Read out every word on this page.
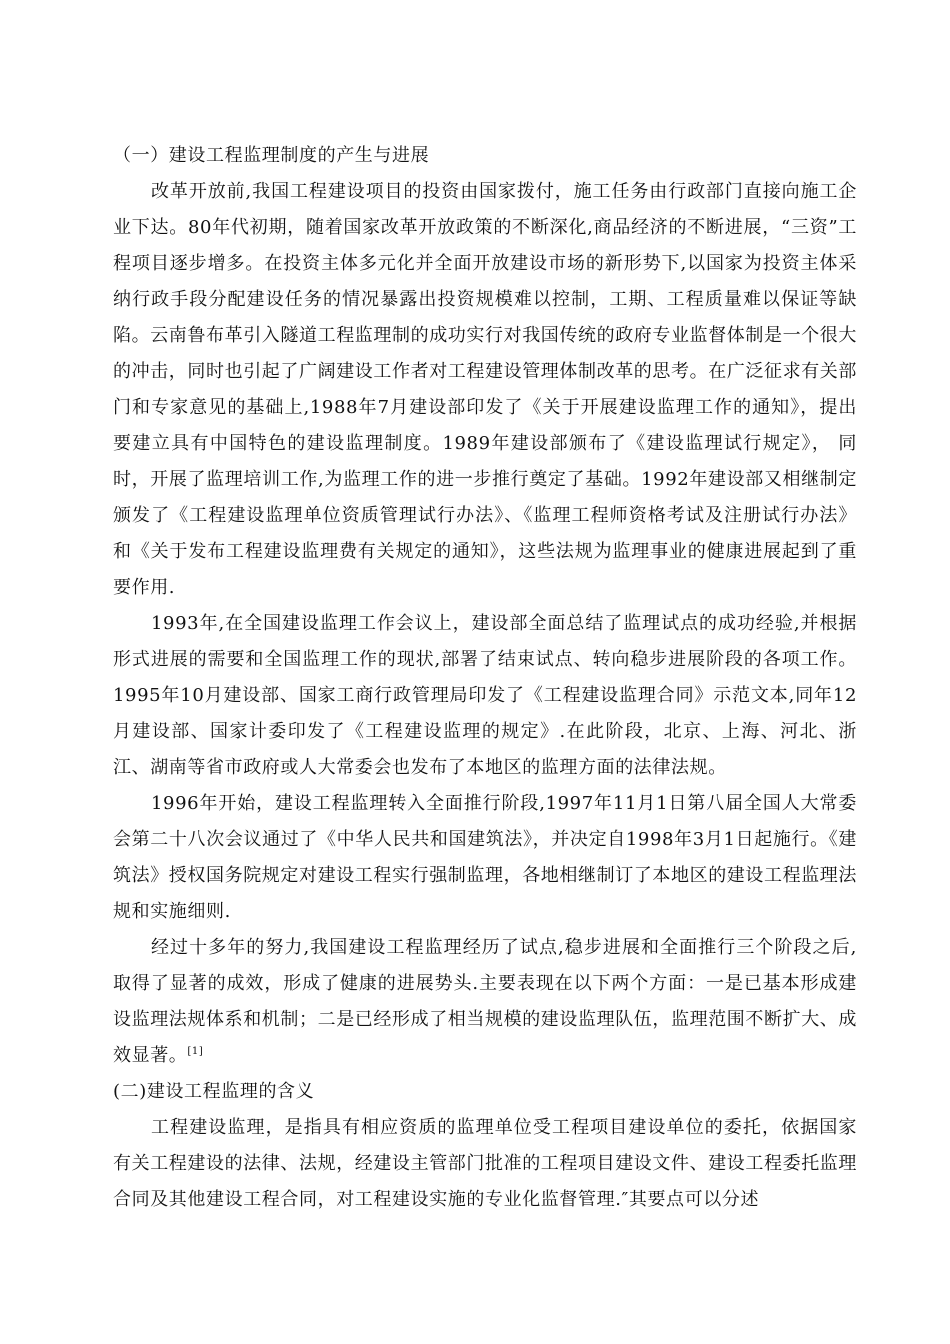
（一）建设工程监理制度的产生与进展

改革开放前,我国工程建设项目的投资由国家拨付，施工任务由行政部门直接向施工企业下达。80年代初期，随着国家改革开放政策的不断深化,商品经济的不断进展，“三资”工程项目逐步增多。在投资主体多元化并全面开放建设市场的新形势下,以国家为投资主体采纳行政手段分配建设任务的情况暴露出投资规模难以控制，工期、工程质量难以保证等缺陷。云南鲁布革引入隧道工程监理制的成功实行对我国传统的政府专业监督体制是一个很大的冲击，同时也引起了广阔建设工作者对工程建设管理体制改革的思考。在广泛征求有关部门和专家意见的基础上,1988年7月建设部印发了《关于开展建设监理工作的通知》，提出要建立具有中国特色的建设监理制度。1989年建设部颁布了《建设监理试行规定》， 同时，开展了监理培训工作,为监理工作的进一步推行奠定了基础。1992年建设部又相继制定颁发了《工程建设监理单位资质管理试行办法》、《监理工程师资格考试及注册试行办法》和《关于发布工程建设监理费有关规定的通知》，这些法规为监理事业的健康进展起到了重要作用.

1993年,在全国建设监理工作会议上，建设部全面总结了监理试点的成功经验,并根据形式进展的需要和全国监理工作的现状,部署了结束试点、转向稳步进展阶段的各项工作。1995年10月建设部、国家工商行政管理局印发了《工程建设监理合同》示范文本,同年12月建设部、国家计委印发了《工程建设监理的规定》.在此阶段，北京、上海、河北、浙江、湖南等省市政府或人大常委会也发布了本地区的监理方面的法律法规。

1996年开始，建设工程监理转入全面推行阶段,1997年11月1日第八届全国人大常委会第二十八次会议通过了《中华人民共和国建筑法》，并决定自1998年3月1日起施行。《建筑法》授权国务院规定对建设工程实行强制监理，各地相继制订了本地区的建设工程监理法规和实施细则.

经过十多年的努力,我国建设工程监理经历了试点,稳步进展和全面推行三个阶段之后,取得了显著的成效，形成了健康的进展势头.主要表现在以下两个方面：一是已基本形成建设监理法规体系和机制；二是已经形成了相当规模的建设监理队伍，监理范围不断扩大、成效显著。[1]

(二)建设工程监理的含义

工程建设监理，是指具有相应资质的监理单位受工程项目建设单位的委托，依据国家有关工程建设的法律、法规，经建设主管部门批准的工程项目建设文件、建设工程委托监理合同及其他建设工程合同，对工程建设实施的专业化监督管理.″其要点可以分述
